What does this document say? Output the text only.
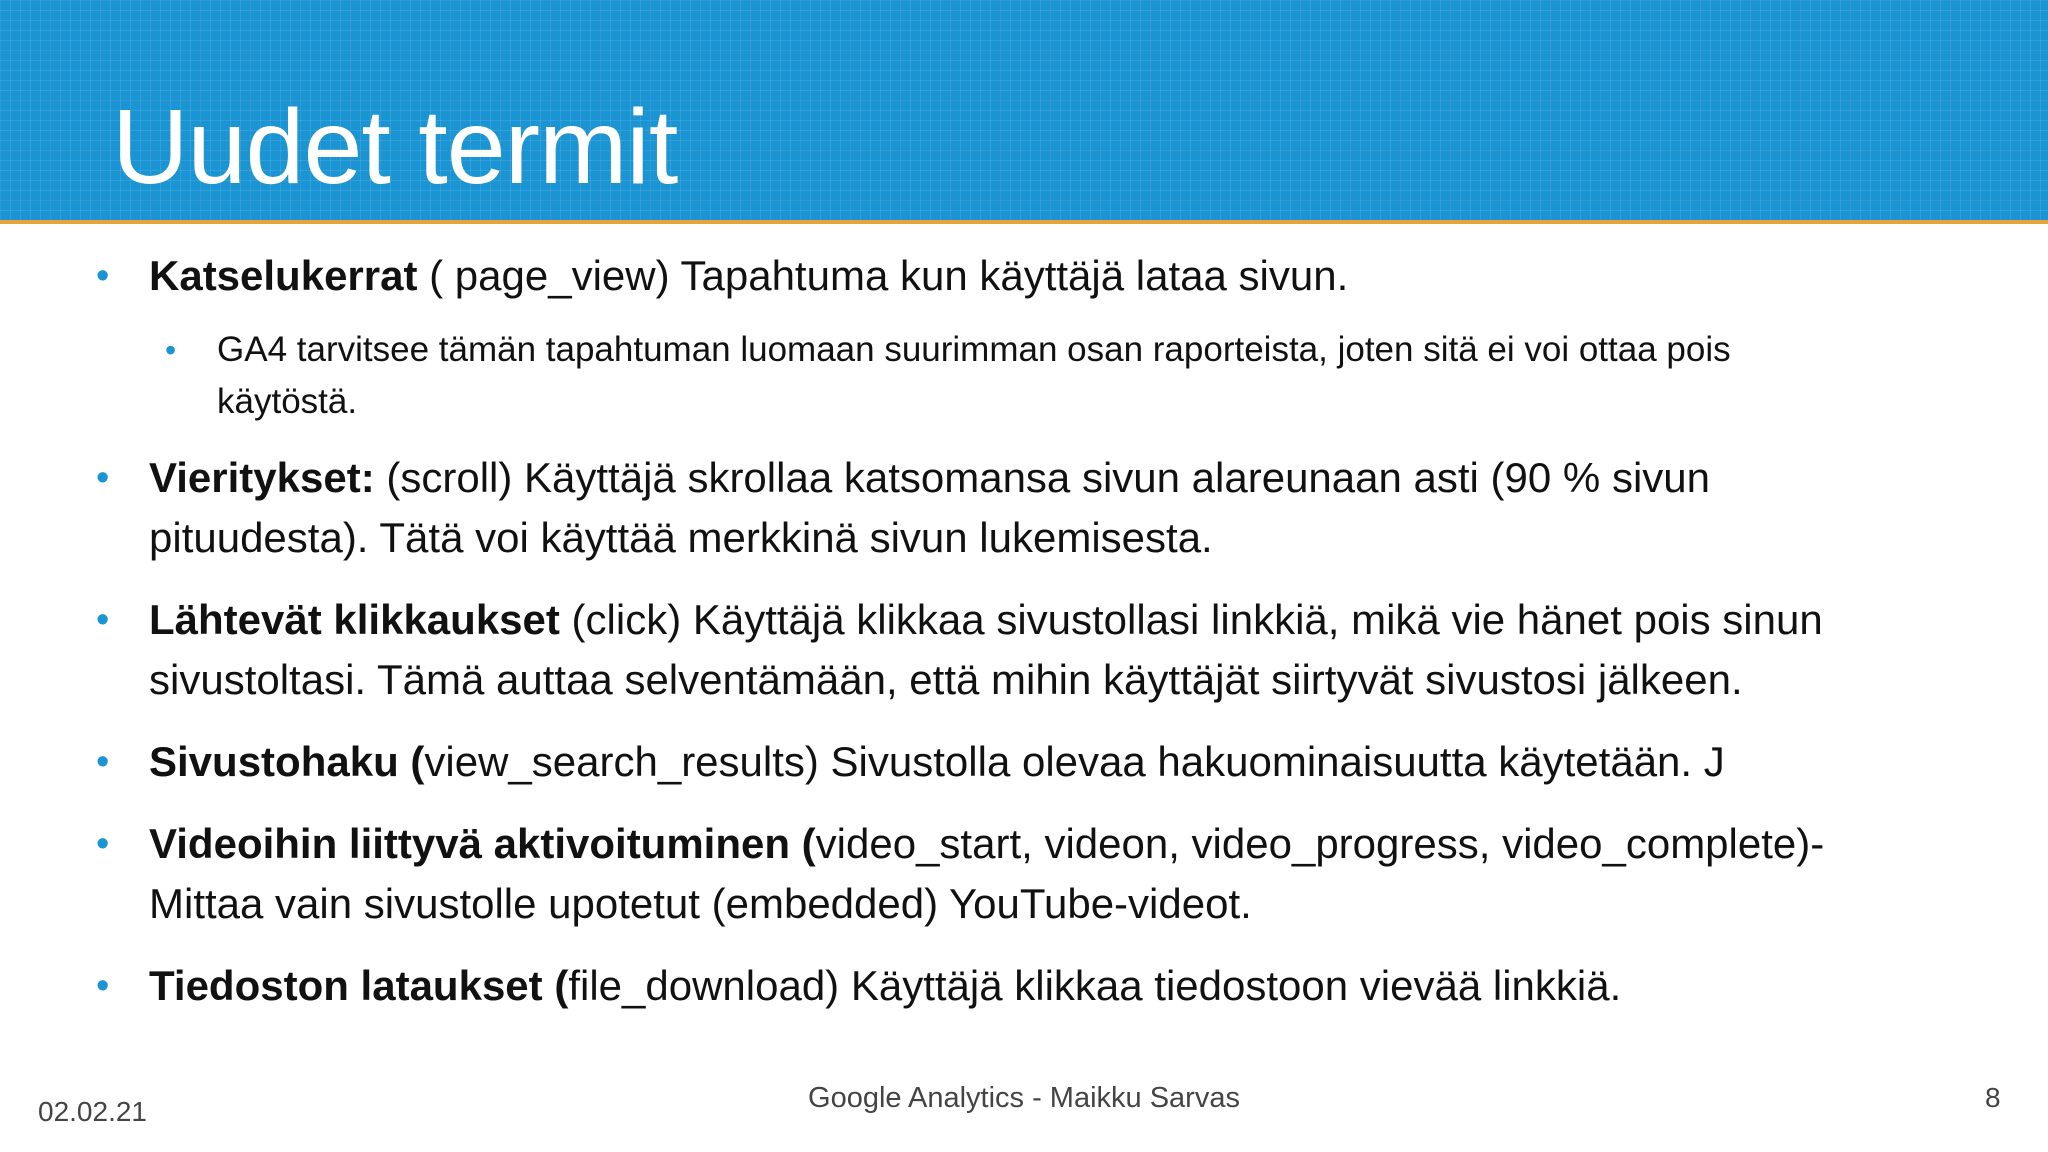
Uudet termit
• Katselukerrat ( page_view) Tapahtuma kun käyttäjä lataa sivun.
• GA4 tarvitsee tämän tapahtuman luomaan suurimman osan raporteista, joten sitä ei voi ottaa pois käytöstä.
• Vieritykset: (scroll) Käyttäjä skrollaa katsomansa sivun alareunaan asti (90 % sivun pituudesta). Tätä voi käyttää merkkinä sivun lukemisesta.
• Lähtevät klikkaukset (click) Käyttäjä klikkaa sivustollasi linkkiä, mikä vie hänet pois sinun sivustoltasi. Tämä auttaa selventämään, että mihin käyttäjät siirtyvät sivustosi jälkeen.
• Sivustohaku (view_search_results) Sivustolla olevaa hakuominaisuutta käytetään. J
• Videoihin liittyvä aktivoituminen (video_start, videon, video_progress, video_complete)- Mittaa vain sivustolle upotetut (embedded) YouTube-videot.
• Tiedoston lataukset (file_download) Käyttäjä klikkaa tiedostoon vievää linkkiä.
02.02.21	Google Analytics - Maikku Sarvas	8
